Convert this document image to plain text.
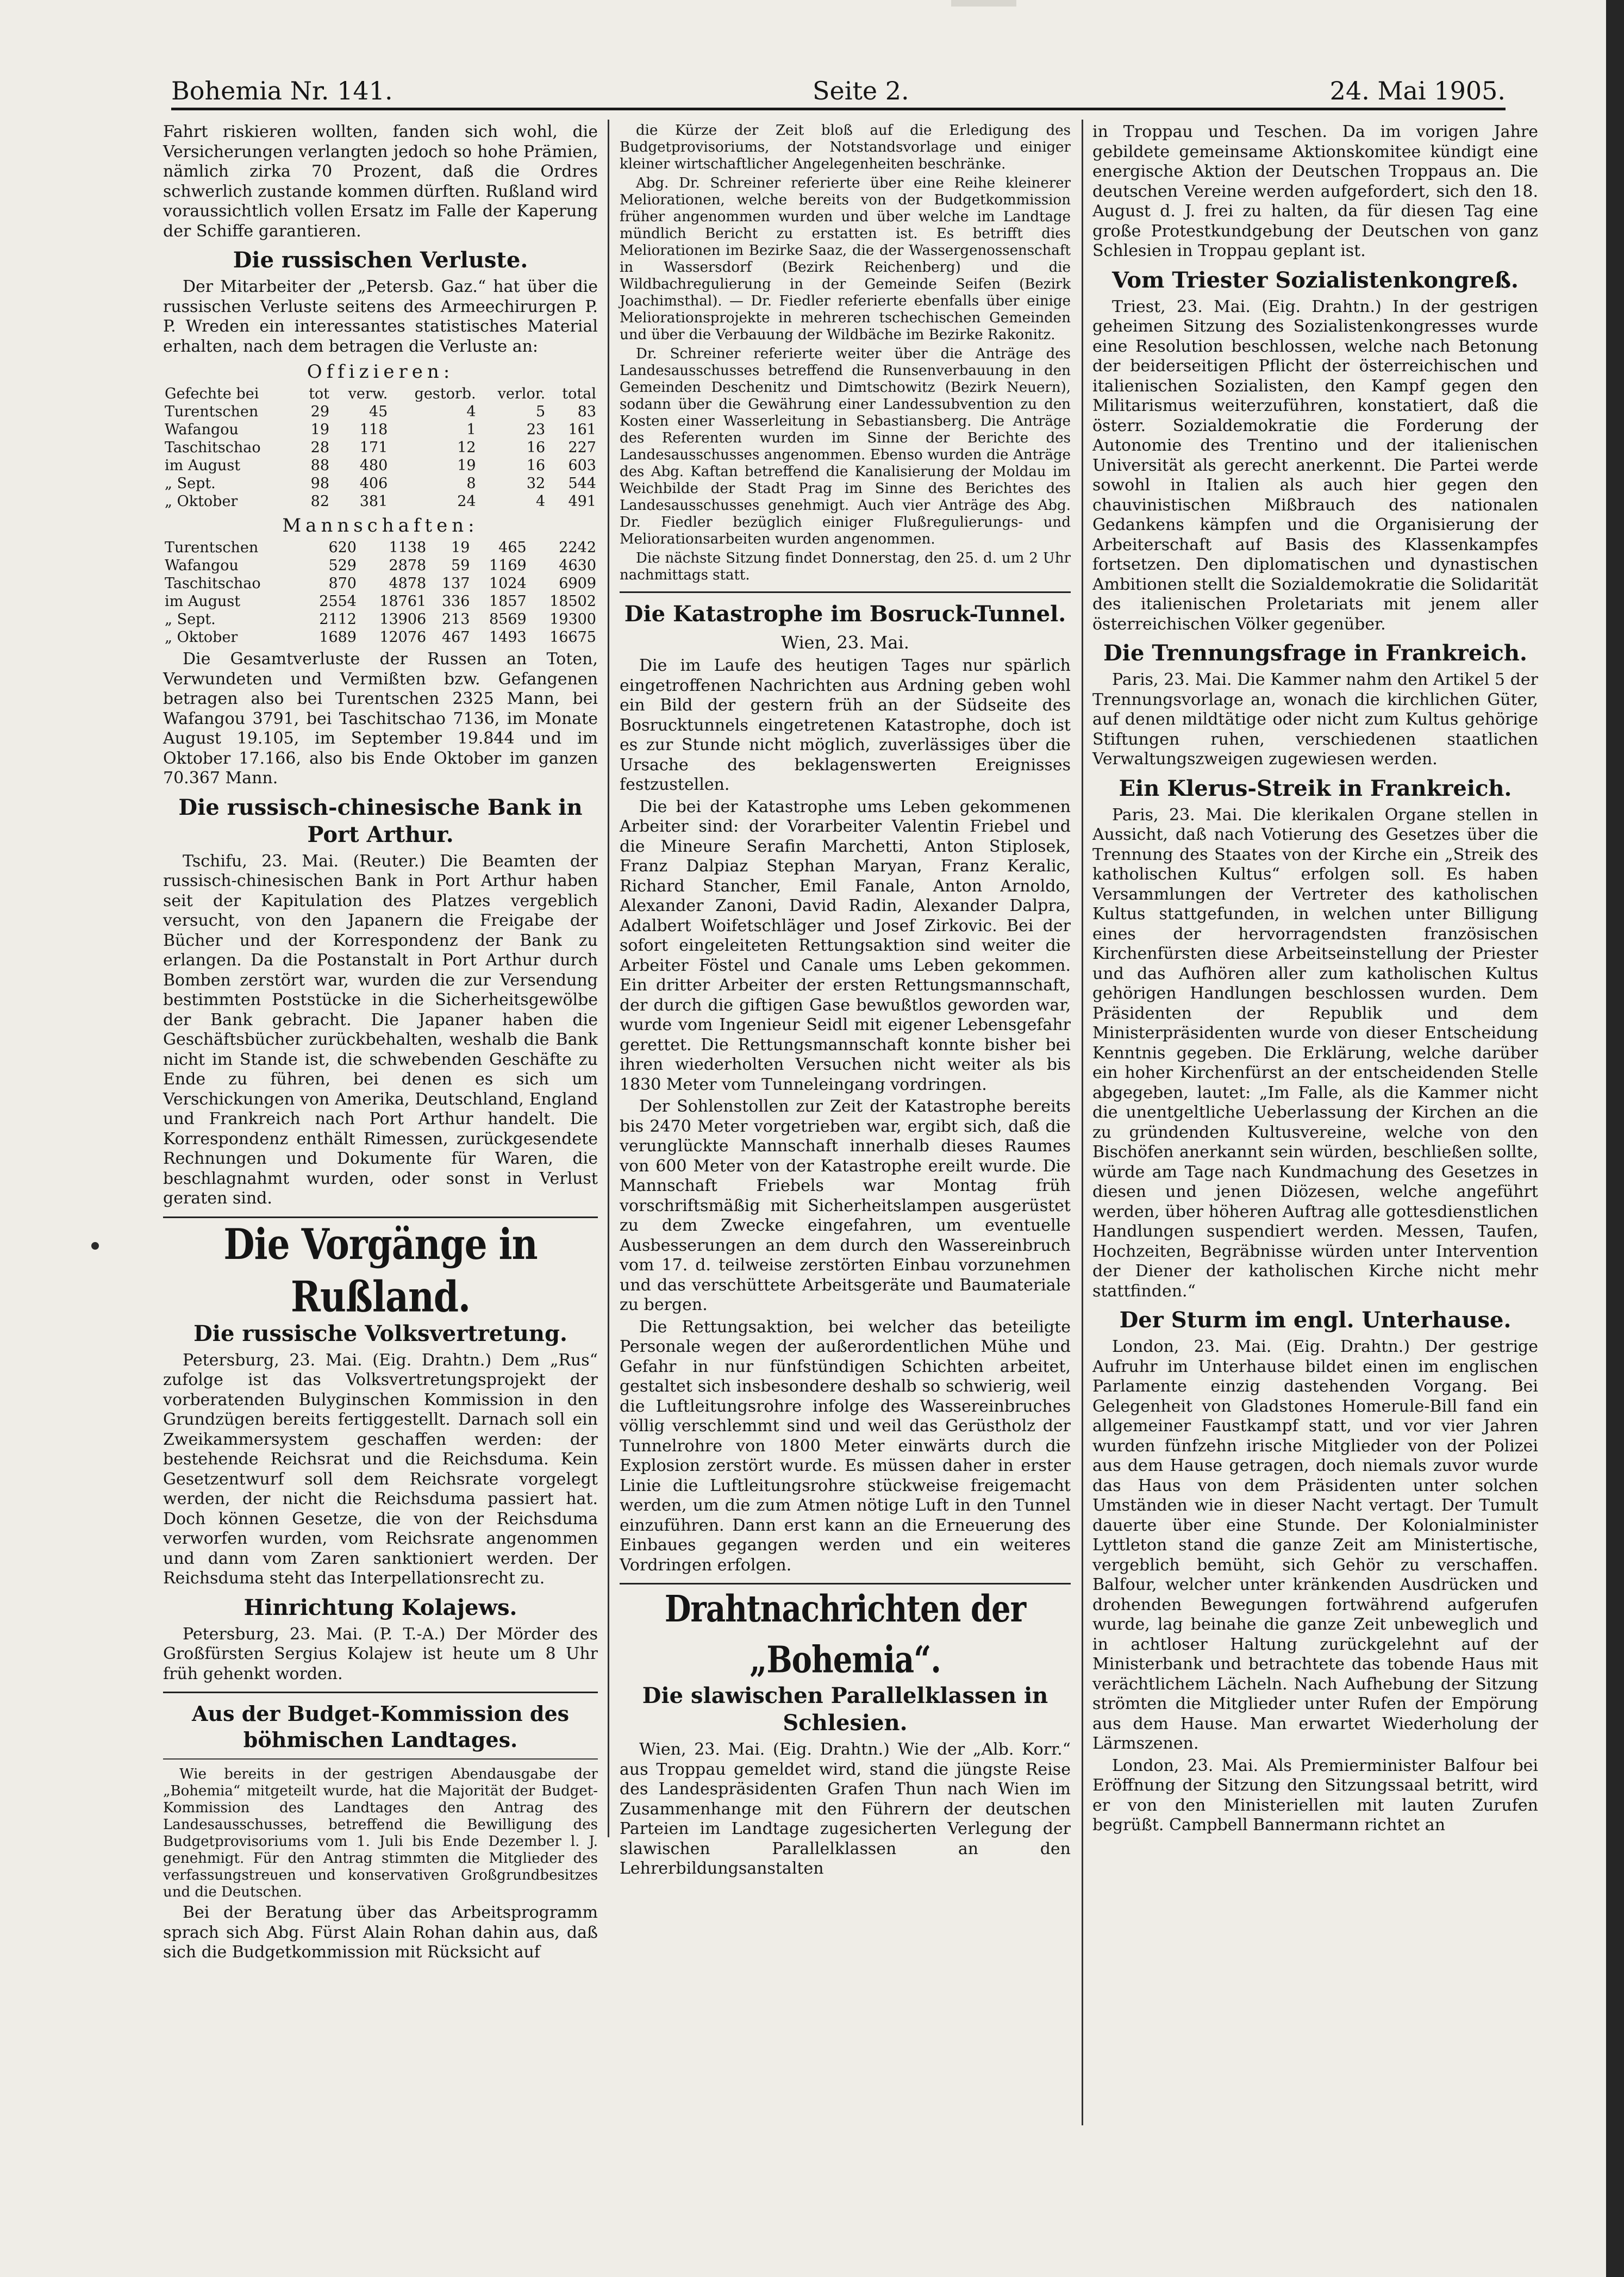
Bohemia Nr. 141.	Seite 2.	24. Mai 1905.

Fahrt riskieren wollten, fanden sich wohl, die Versicherungen verlangten jedoch so hohe Prämien, nämlich zirka 70 Prozent, daß die Ordres schwerlich zustande kommen dürften. Rußland wird voraussichtlich vollen Ersatz im Falle der Kaperung der Schiffe garantieren.

Die russischen Verluste.

Der Mitarbeiter der „Petersb. Gaz.“ hat über die russischen Verluste seitens des Armeechirurgen P. P. Wreden ein interessantes statistisches Material erhalten, nach dem betragen die Verluste an:

Offizieren:
Gefechte bei	tot	verw.	gestorb.	verlor.	total
Turentschen	29	45	4	5	83
Wafangou	19	118	1	23	161
Taschitschao	28	171	12	16	227
im August	88	480	19	16	603
„ Sept.	98	406	8	32	544
„ Oktober	82	381	24	4	491
Mannschaften:
Turentschen	620	1138	19	465	2242
Wafangou	529	2878	59	1169	4630
Taschitschao	870	4878	137	1024	6909
im August	2554	18761	336	1857	18502
„ Sept.	2112	13906	213	8569	19300
„ Oktober	1689	12076	467	1493	16675

Die Gesamtverluste der Russen an Toten, Verwundeten und Vermißten bzw. Gefangenen betragen also bei Turentschen 2325 Mann, bei Wafangou 3791, bei Taschitschao 7136, im Monate August 19.105, im September 19.844 und im Oktober 17.166, also bis Ende Oktober im ganzen 70.367 Mann.

Die russisch-chinesische Bank in Port Arthur.

Tschifu, 23. Mai. (Reuter.) Die Beamten der russisch-chinesischen Bank in Port Arthur haben seit der Kapitulation des Platzes vergeblich versucht, von den Japanern die Freigabe der Bücher und der Korrespondenz der Bank zu erlangen. Da die Postanstalt in Port Arthur durch Bomben zerstört war, wurden die zur Versendung bestimmten Poststücke in die Sicherheitsgewölbe der Bank gebracht. Die Japaner haben die Geschäftsbücher zurückbehalten, weshalb die Bank nicht im Stande ist, die schwebenden Geschäfte zu Ende zu führen, bei denen es sich um Verschickungen von Amerika, Deutschland, England und Frankreich nach Port Arthur handelt. Die Korrespondenz enthält Rimessen, zurückgesendete Rechnungen und Dokumente für Waren, die beschlagnahmt wurden, oder sonst in Verlust geraten sind.

Die Vorgänge in Rußland.
Die russische Volksvertretung.

Petersburg, 23. Mai. (Eig. Drahtn.) Dem „Rus“ zufolge ist das Volksvertretungsprojekt der vorberatenden Bulyginschen Kommission in den Grundzügen bereits fertiggestellt. Darnach soll ein Zweikammersystem geschaffen werden: der bestehende Reichsrat und die Reichsduma. Kein Gesetzentwurf soll dem Reichsrate vorgelegt werden, der nicht die Reichsduma passiert hat. Doch können Gesetze, die von der Reichsduma verworfen wurden, vom Reichsrate angenommen und dann vom Zaren sanktioniert werden. Der Reichsduma steht das Interpellationsrecht zu.

Hinrichtung Kolajews.

Petersburg, 23. Mai. (P. T.-A.) Der Mörder des Großfürsten Sergius Kolajew ist heute um 8 Uhr früh gehenkt worden.

Aus der Budget-Kommission des böhmischen Landtages.

Wie bereits in der gestrigen Abendausgabe der „Bohemia“ mitgeteilt wurde, hat die Majorität der Budget-Kommission des Landtages den Antrag des Landesausschusses, betreffend die Bewilligung des Budgetprovisoriums vom 1. Juli bis Ende Dezember l. J. genehmigt. Für den Antrag stimmten die Mitglieder des verfassungstreuen und konservativen Großgrundbesitzes und die Deutschen.

Bei der Beratung über das Arbeitsprogramm sprach sich Abg. Fürst Alain Rohan dahin aus, daß sich die Budgetkommission mit Rücksicht auf

die Kürze der Zeit bloß auf die Erledigung des Budgetprovisoriums, der Notstandsvorlage und einiger kleiner wirtschaftlicher Angelegenheiten beschränke.

Abg. Dr. Schreiner referierte über eine Reihe kleinerer Meliorationen, welche bereits von der Budgetkommission früher angenommen wurden und über welche im Landtage mündlich Bericht zu erstatten ist. Es betrifft dies Meliorationen im Bezirke Saaz, die der Wassergenossenschaft in Wassersdorf (Bezirk Reichenberg) und die Wildbachregulierung in der Gemeinde Seifen (Bezirk Joachimsthal). — Dr. Fiedler referierte ebenfalls über einige Meliorationsprojekte in mehreren tschechischen Gemeinden und über die Verbauung der Wildbäche im Bezirke Rakonitz.

Dr. Schreiner referierte weiter über die Anträge des Landesausschusses betreffend die Runsenverbauung in den Gemeinden Deschenitz und Dimtschowitz (Bezirk Neuern), sodann über die Gewährung einer Landessubvention zu den Kosten einer Wasserleitung in Sebastiansberg. Die Anträge des Referenten wurden im Sinne der Berichte des Landesausschusses angenommen. Ebenso wurden die Anträge des Abg. Kaftan betreffend die Kanalisierung der Moldau im Weichbilde der Stadt Prag im Sinne des Berichtes des Landesausschusses genehmigt. Auch vier Anträge des Abg. Dr. Fiedler bezüglich einiger Flußregulierungs- und Meliorationsarbeiten wurden angenommen.

Die nächste Sitzung findet Donnerstag, den 25. d. um 2 Uhr nachmittags statt.

Die Katastrophe im Bosruck-Tunnel.
Wien, 23. Mai.

Die im Laufe des heutigen Tages nur spärlich eingetroffenen Nachrichten aus Ardning geben wohl ein Bild der gestern früh an der Südseite des Bosrucktunnels eingetretenen Katastrophe, doch ist es zur Stunde nicht möglich, zuverlässiges über die Ursache des beklagenswerten Ereignisses festzustellen.

Die bei der Katastrophe ums Leben gekommenen Arbeiter sind: der Vorarbeiter Valentin Friebel und die Mineure Serafin Marchetti, Anton Stiplosek, Franz Dalpiaz Stephan Maryan, Franz Keralic, Richard Stancher, Emil Fanale, Anton Arnoldo, Alexander Zanoni, David Radin, Alexander Dalpra, Adalbert Woifetschläger und Josef Zirkovic. Bei der sofort eingeleiteten Rettungsaktion sind weiter die Arbeiter Föstel und Canale ums Leben gekommen. Ein dritter Arbeiter der ersten Rettungsmannschaft, der durch die giftigen Gase bewußtlos geworden war, wurde vom Ingenieur Seidl mit eigener Lebensgefahr gerettet. Die Rettungsmannschaft konnte bisher bei ihren wiederholten Versuchen nicht weiter als bis 1830 Meter vom Tunneleingang vordringen.

Der Sohlenstollen zur Zeit der Katastrophe bereits bis 2470 Meter vorgetrieben war, ergibt sich, daß die verunglückte Mannschaft innerhalb dieses Raumes von 600 Meter von der Katastrophe ereilt wurde. Die Mannschaft Friebels war Montag früh vorschriftsmäßig mit Sicherheitslampen ausgerüstet zu dem Zwecke eingefahren, um eventuelle Ausbesserungen an dem durch den Wassereinbruch vom 17. d. teilweise zerstörten Einbau vorzunehmen und das verschüttete Arbeitsgeräte und Baumateriale zu bergen.

Die Rettungsaktion, bei welcher das beteiligte Personale wegen der außerordentlichen Mühe und Gefahr in nur fünfstündigen Schichten arbeitet, gestaltet sich insbesondere deshalb so schwierig, weil die Luftleitungsrohre infolge des Wassereinbruches völlig verschlemmt sind und weil das Gerüstholz der Tunnelrohre von 1800 Meter einwärts durch die Explosion zerstört wurde. Es müssen daher in erster Linie die Luftleitungsrohre stückweise freigemacht werden, um die zum Atmen nötige Luft in den Tunnel einzuführen. Dann erst kann an die Erneuerung des Einbaues gegangen werden und ein weiteres Vordringen erfolgen.

Drahtnachrichten der „Bohemia“.
Die slawischen Parallelklassen in Schlesien.

Wien, 23. Mai. (Eig. Drahtn.) Wie der „Alb. Korr.“ aus Troppau gemeldet wird, stand die jüngste Reise des Landespräsidenten Grafen Thun nach Wien im Zusammenhange mit den Führern der deutschen Parteien im Landtage zugesicherten Verlegung der slawischen Parallelklassen an den Lehrerbildungsanstalten

in Troppau und Teschen. Da im vorigen Jahre gebildete gemeinsame Aktionskomitee kündigt eine energische Aktion der Deutschen Troppaus an. Die deutschen Vereine werden aufgefordert, sich den 18. August d. J. frei zu halten, da für diesen Tag eine große Protestkundgebung der Deutschen von ganz Schlesien in Troppau geplant ist.

Vom Triester Sozialistenkongreß.

Triest, 23. Mai. (Eig. Drahtn.) In der gestrigen geheimen Sitzung des Sozialistenkongresses wurde eine Resolution beschlossen, welche nach Betonung der beiderseitigen Pflicht der österreichischen und italienischen Sozialisten, den Kampf gegen den Militarismus weiterzuführen, konstatiert, daß die österr. Sozialdemokratie die Forderung der Autonomie des Trentino und der italienischen Universität als gerecht anerkennt. Die Partei werde sowohl in Italien als auch hier gegen den chauvinistischen Mißbrauch des nationalen Gedankens kämpfen und die Organisierung der Arbeiterschaft auf Basis des Klassenkampfes fortsetzen. Den diplomatischen und dynastischen Ambitionen stellt die Sozialdemokratie die Solidarität des italienischen Proletariats mit jenem aller österreichischen Völker gegenüber.

Die Trennungsfrage in Frankreich.

Paris, 23. Mai. Die Kammer nahm den Artikel 5 der Trennungsvorlage an, wonach die kirchlichen Güter, auf denen mildtätige oder nicht zum Kultus gehörige Stiftungen ruhen, verschiedenen staatlichen Verwaltungszweigen zugewiesen werden.

Ein Klerus-Streik in Frankreich.

Paris, 23. Mai. Die klerikalen Organe stellen in Aussicht, daß nach Votierung des Gesetzes über die Trennung des Staates von der Kirche ein „Streik des katholischen Kultus“ erfolgen soll. Es haben Versammlungen der Vertreter des katholischen Kultus stattgefunden, in welchen unter Billigung eines der hervorragendsten französischen Kirchenfürsten diese Arbeitseinstellung der Priester und das Aufhören aller zum katholischen Kultus gehörigen Handlungen beschlossen wurden. Dem Präsidenten der Republik und dem Ministerpräsidenten wurde von dieser Entscheidung Kenntnis gegeben. Die Erklärung, welche darüber ein hoher Kirchenfürst an der entscheidenden Stelle abgegeben, lautet: „Im Falle, als die Kammer nicht die unentgeltliche Ueberlassung der Kirchen an die zu gründenden Kultusvereine, welche von den Bischöfen anerkannt sein würden, beschließen sollte, würde am Tage nach Kundmachung des Gesetzes in diesen und jenen Diözesen, welche angeführt werden, über höheren Auftrag alle gottesdienstlichen Handlungen suspendiert werden. Messen, Taufen, Hochzeiten, Begräbnisse würden unter Intervention der Diener der katholischen Kirche nicht mehr stattfinden.“

Der Sturm im engl. Unterhause.

London, 23. Mai. (Eig. Drahtn.) Der gestrige Aufruhr im Unterhause bildet einen im englischen Parlamente einzig dastehenden Vorgang. Bei Gelegenheit von Gladstones Homerule-Bill fand ein allgemeiner Faustkampf statt, und vor vier Jahren wurden fünfzehn irische Mitglieder von der Polizei aus dem Hause getragen, doch niemals zuvor wurde das Haus von dem Präsidenten unter solchen Umständen wie in dieser Nacht vertagt. Der Tumult dauerte über eine Stunde. Der Kolonialminister Lyttleton stand die ganze Zeit am Ministertische, vergeblich bemüht, sich Gehör zu verschaffen. Balfour, welcher unter kränkenden Ausdrücken und drohenden Bewegungen fortwährend aufgerufen wurde, lag beinahe die ganze Zeit unbeweglich und in achtloser Haltung zurückgelehnt auf der Ministerbank und betrachtete das tobende Haus mit verächtlichem Lächeln. Nach Aufhebung der Sitzung strömten die Mitglieder unter Rufen der Empörung aus dem Hause. Man erwartet Wiederholung der Lärmszenen.

London, 23. Mai. Als Premierminister Balfour bei Eröffnung der Sitzung den Sitzungssaal betritt, wird er von den Ministeriellen mit lauten Zurufen begrüßt. Campbell Bannermann richtet an
